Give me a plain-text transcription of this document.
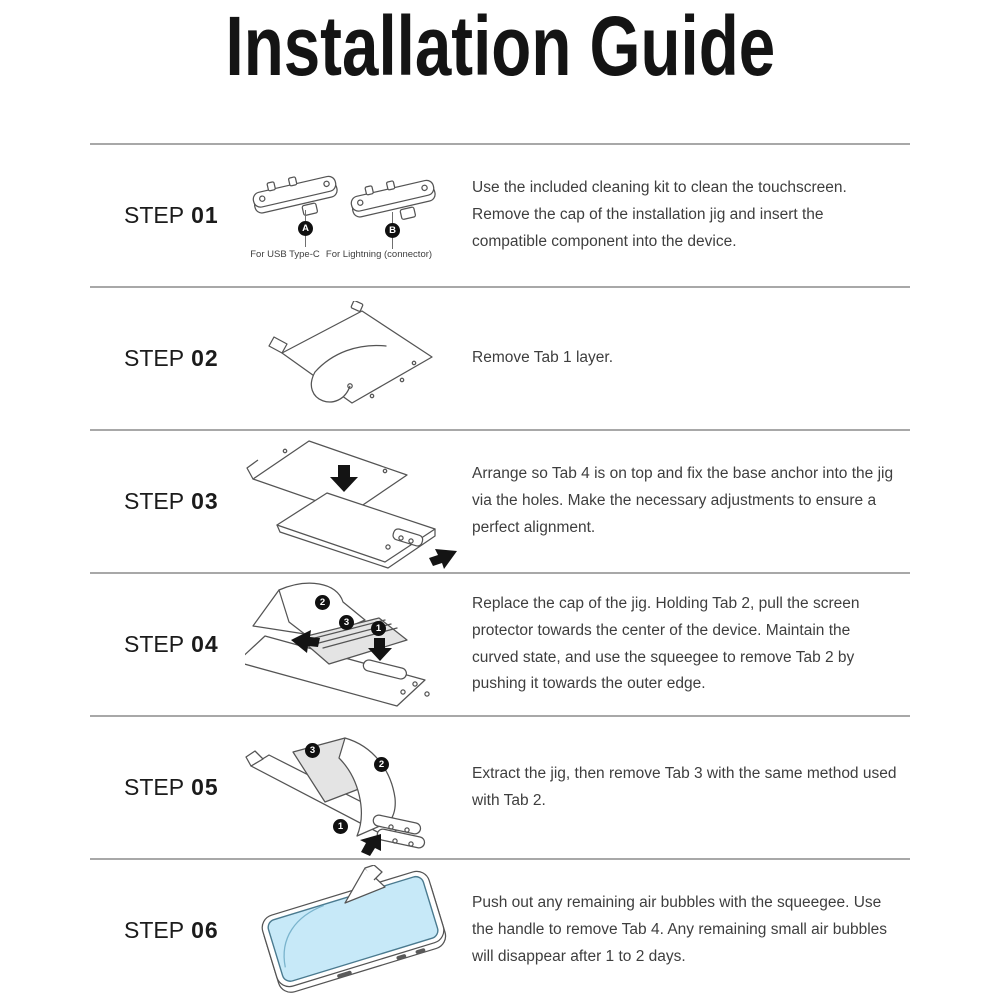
Installation Guide
STEP 01
A
For USB Type-C
B
For Lightning (connector)
Use the included cleaning kit to clean the touchscreen. Remove the cap of the installation jig and insert the compatible component into the device.
STEP 02	Remove Tab 1 layer.
STEP 03
Arrange so Tab 4 is on top and fix the base anchor into the jig via the holes. Make the necessary adjustments to ensure a perfect alignment.
STEP 04
2
3
1
Replace the cap of the jig. Holding Tab 2, pull the screen protector towards the center of the device. Maintain the curved state, and use the squeegee to remove Tab 2 by pushing it towards the outer edge.
STEP 05
3
2
1
Extract the jig, then remove Tab 3 with the same method used with Tab 2.
STEP 06
Push out any remaining air bubbles with the squeegee. Use the handle to remove Tab 4. Any remaining small air bubbles will disappear after 1 to 2 days.
